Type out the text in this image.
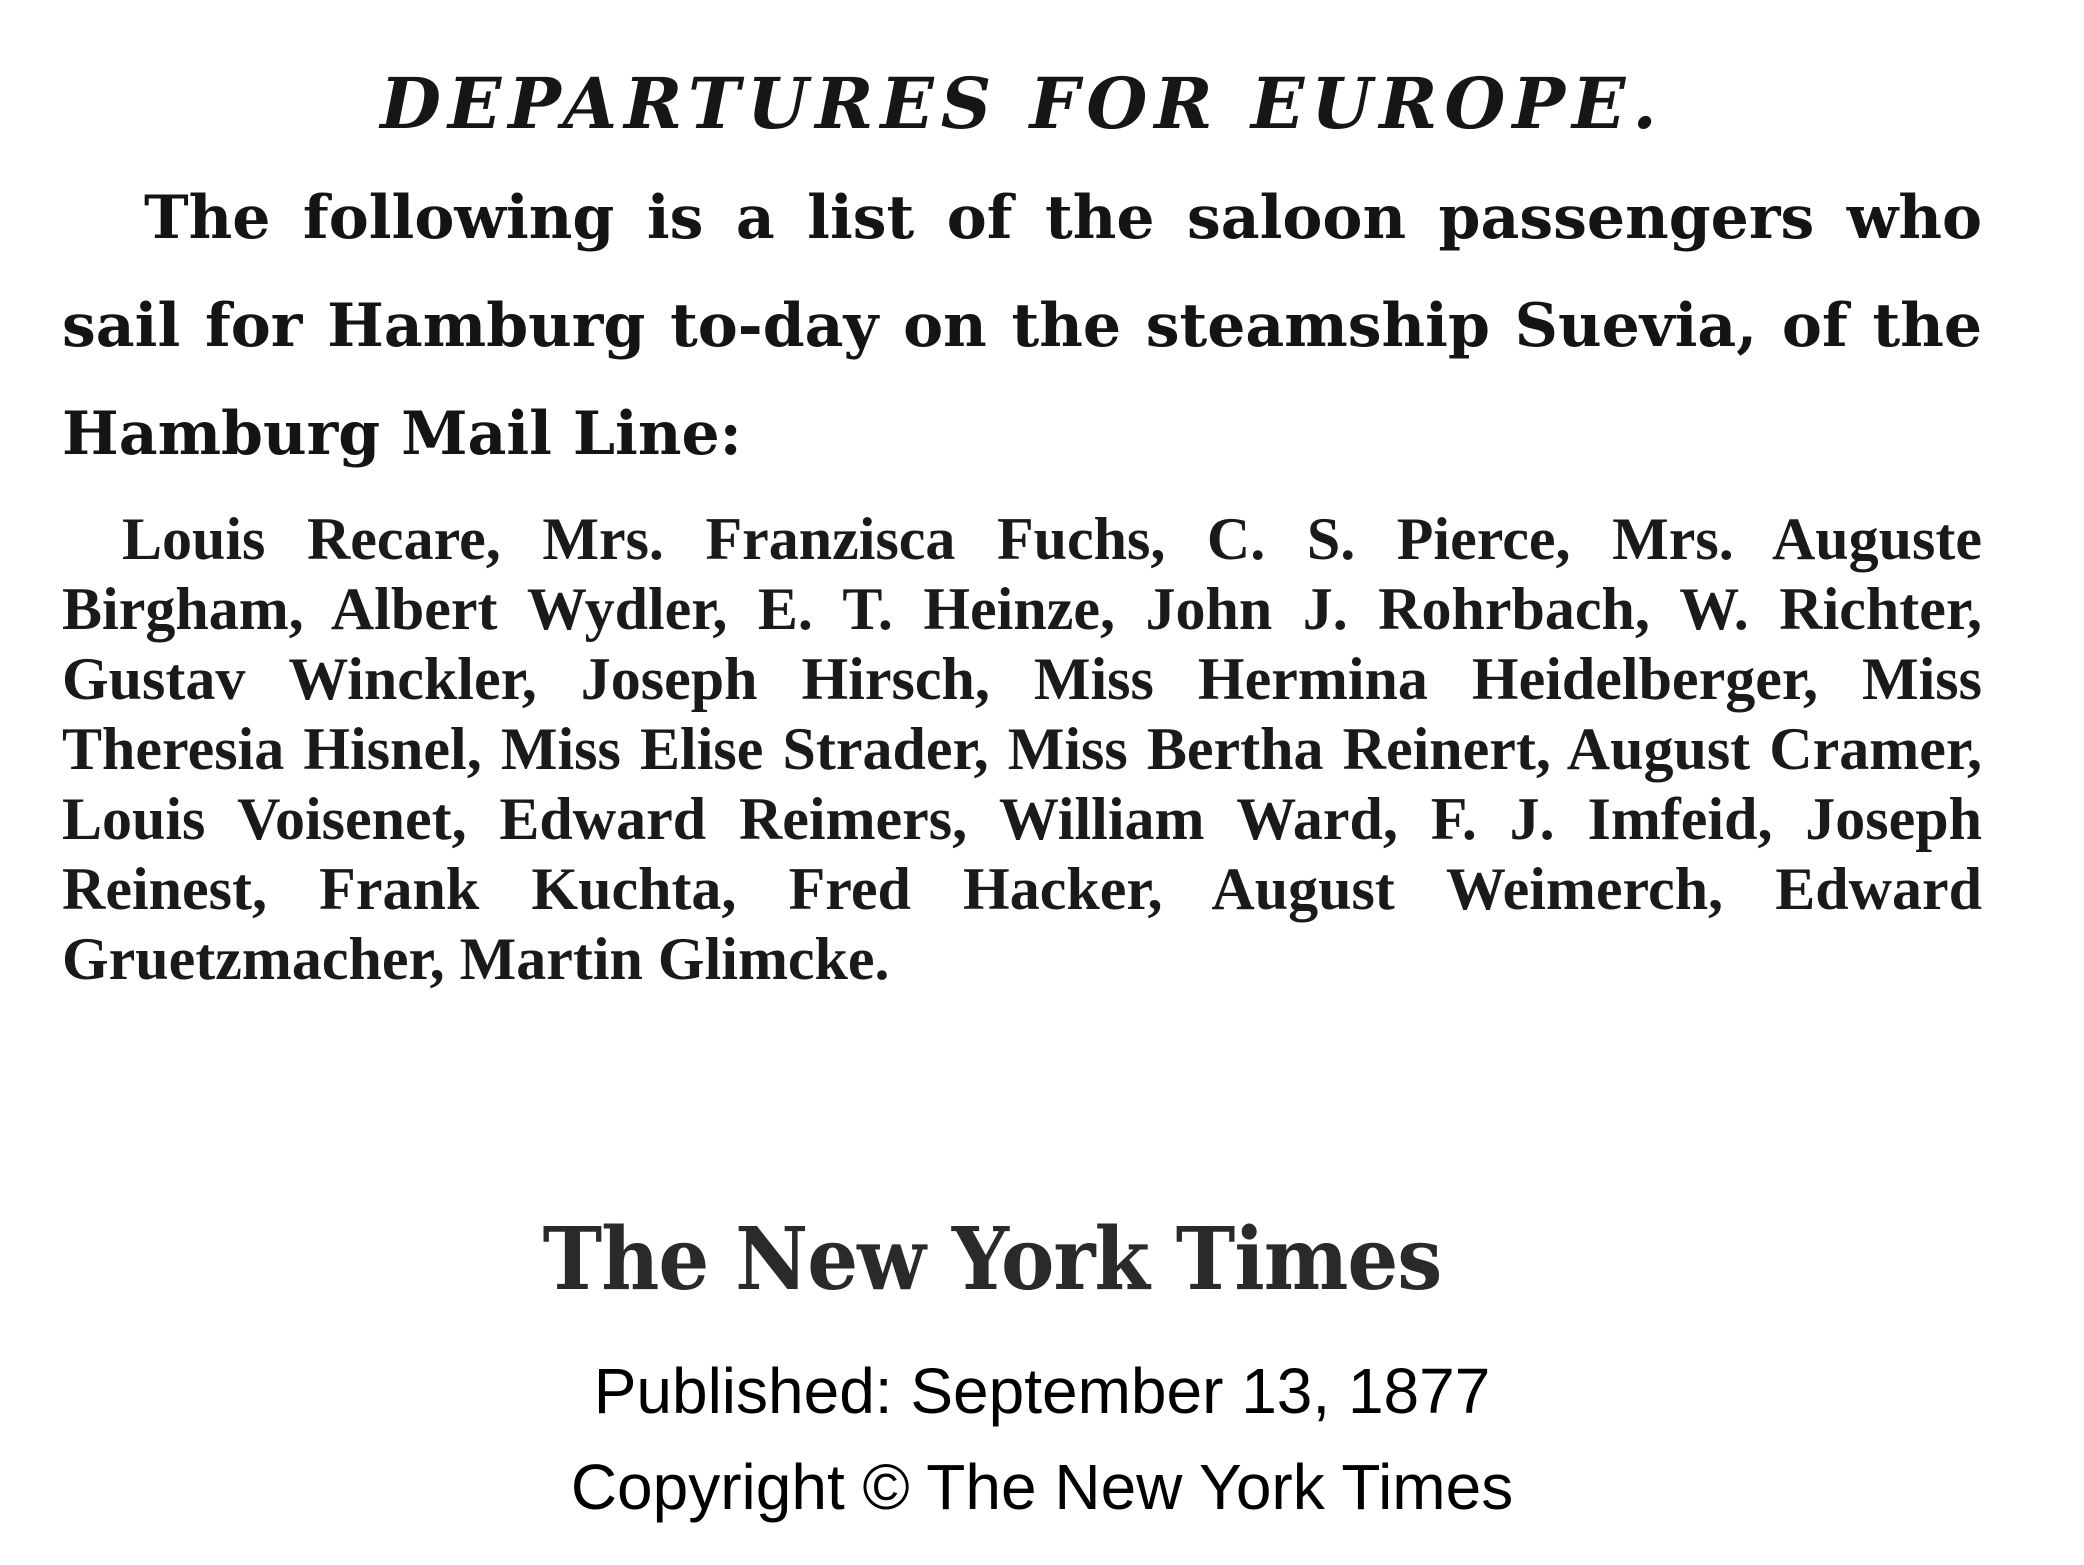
DEPARTURES FOR EUROPE.

The following is a list of the saloon passengers who sail for Hamburg to-day on the steamship Suevia, of the Hamburg Mail Line:

Louis Recare, Mrs. Franzisca Fuchs, C. S. Pierce, Mrs. Auguste Birgham, Albert Wydler, E. T. Heinze, John J. Rohrbach, W. Richter, Gustav Winckler, Joseph Hirsch, Miss Hermina Heidelberger, Miss Theresia Hisnel, Miss Elise Strader, Miss Bertha Reinert, August Cramer, Louis Voisenet, Edward Reimers, William Ward, F. J. Imfeid, Joseph Reinest, Frank Kuchta, Fred Hacker, August Weimerch, Edward Gruetzmacher, Martin Glimcke.

The New York Times
Published: September 13, 1877
Copyright © The New York Times
